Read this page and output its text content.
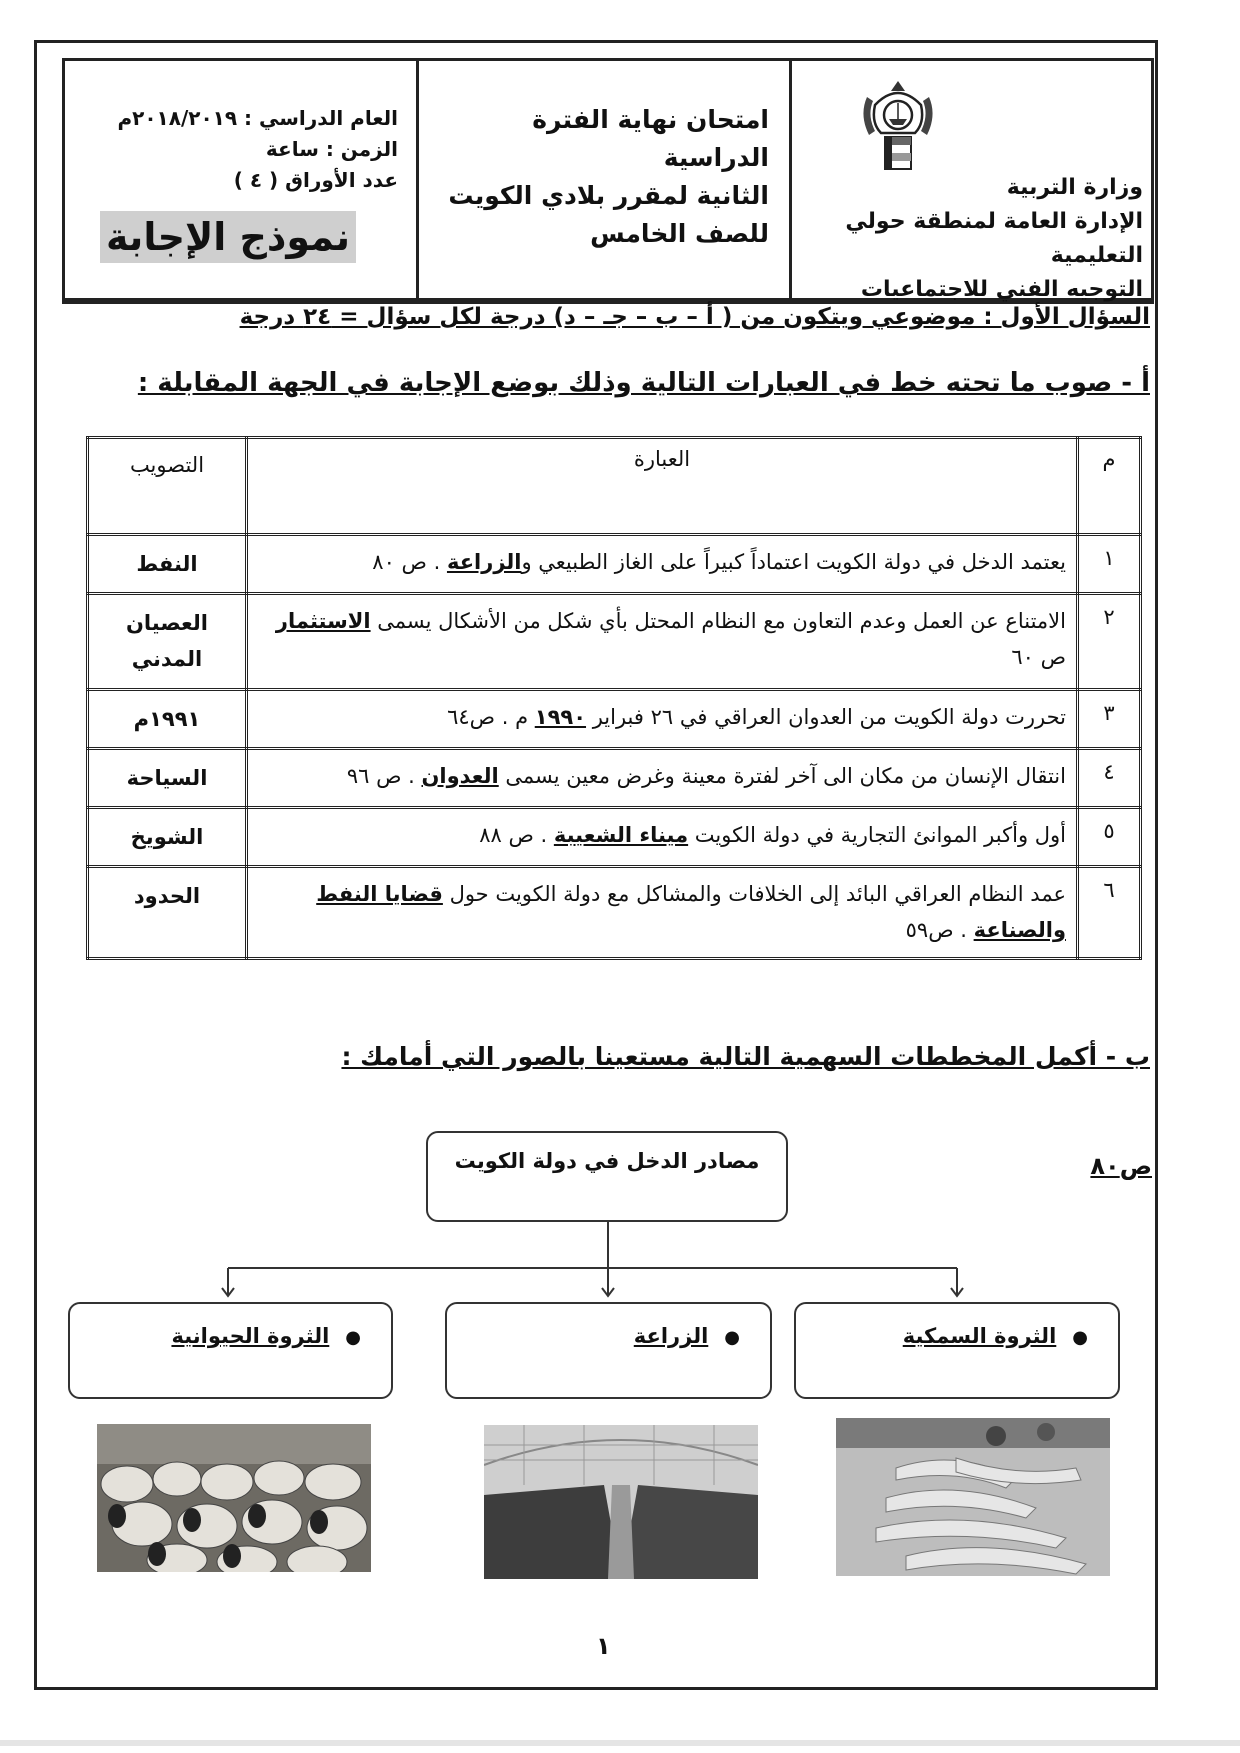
وزارة التربية
الإدارة العامة لمنطقة حولي التعليمية
التوجيه الفني للاجتماعيات
امتحان نهاية الفترة الدراسية
الثانية لمقرر بلادي الكويت
للصف الخامس
العام الدراسي : ٢٠١٨/٢٠١٩م
الزمن : ساعة
عدد الأوراق ( ٤ )
نموذج الإجابة
السؤال الأول : موضوعي ويتكون من ( أ – ب – جـ – د) درجة لكل سؤال = ٢٤ درجة
أ - صوب ما تحته خط في العبارات التالية وذلك بوضع الإجابة في الجهة المقابلة :
م	العبارة	التصويب
١	يعتمد الدخل في دولة الكويت اعتماداً كبيراً على الغاز الطبيعي والزراعة . ص ٨٠	النفط
٢	الامتناع عن العمل وعدم التعاون مع النظام المحتل بأي شكل من الأشكال يسمى الاستثمار ص ٦٠	العصيان المدني
٣	تحررت دولة الكويت من العدوان العراقي في ٢٦ فبراير ١٩٩٠ م . ص٦٤	١٩٩١م
٤	انتقال الإنسان من مكان الى آخر لفترة معينة وغرض معين يسمى العدوان . ص ٩٦	السياحة
٥	أول وأكبر الموانئ التجارية في دولة الكويت ميناء الشعيبة . ص ٨٨	الشويخ
٦	عمد النظام العراقي البائد إلى الخلافات والمشاكل مع دولة الكويت حول قضايا النفط والصناعة . ص٥٩	الحدود
ب - أكمل المخططات السهمية التالية مستعينا بالصور التي أمامك :
ص٨٠
مصادر الدخل في دولة الكويت
●الثروة السمكية
●الزراعة
●الثروة الحيوانية
١
